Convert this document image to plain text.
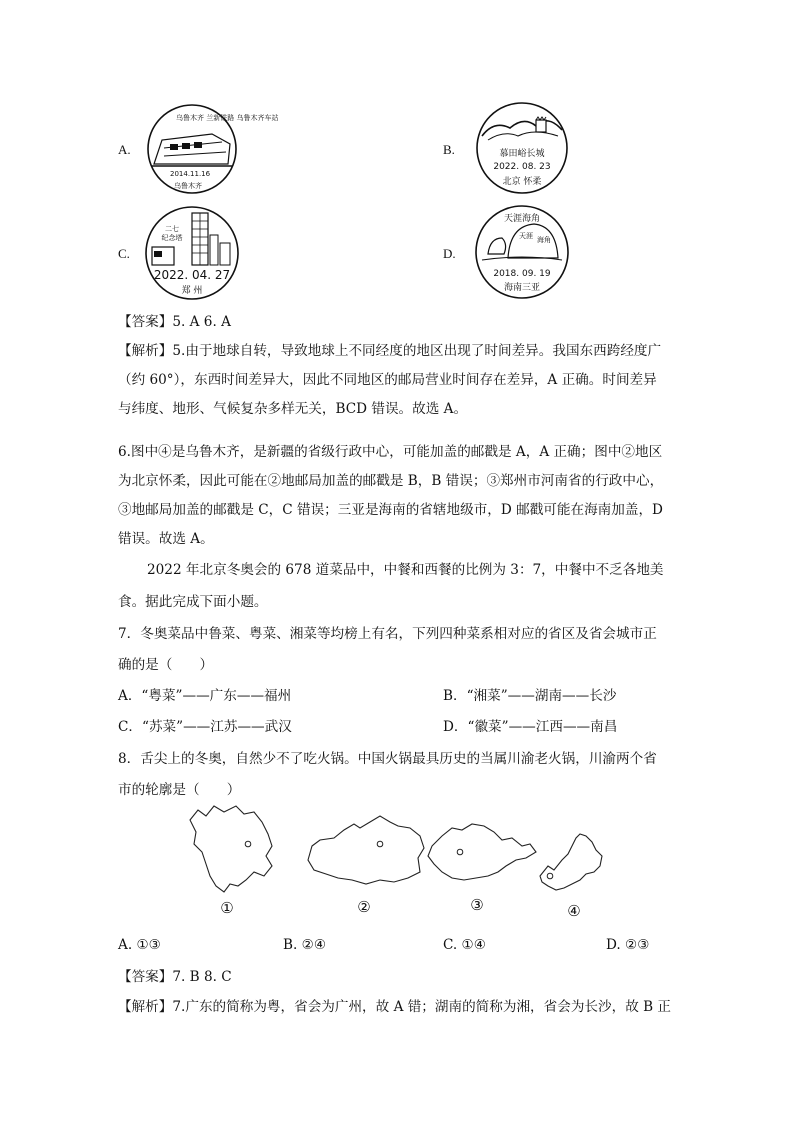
A.
乌鲁木齐 兰新铁路 乌鲁木齐车站
2014.11.16
乌鲁木齐
B.	慕田峪长城
2022. 08. 23
北京 怀柔
C.
二七
纪念塔
2022. 04. 27
郑 州
D.
天涯海角
天涯 海角
2018. 09. 19
海南三亚
【答案】5. A 6. A
【解析】5.由于地球自转，导致地球上不同经度的地区出现了时间差异。我国东西跨经度广
（约 60°），东西时间差异大，因此不同地区的邮局营业时间存在差异，A 正确。时间差异
与纬度、地形、气候复杂多样无关，BCD 错误。故选 A。
6.图中④是乌鲁木齐，是新疆的省级行政中心，可能加盖的邮戳是 A，A 正确；图中②地区
为北京怀柔，因此可能在②地邮局加盖的邮戳是 B，B 错误；③郑州市河南省的行政中心，
③地邮局加盖的邮戳是 C，C 错误；三亚是海南的省辖地级市，D 邮戳可能在海南加盖，D
错误。故选 A。
2022 年北京冬奥会的 678 道菜品中，中餐和西餐的比例为 3：7，中餐中不乏各地美
食。据此完成下面小题。
7．冬奥菜品中鲁菜、粤菜、湘菜等均榜上有名，下列四种菜系相对应的省区及省会城市正
确的是（　　）
A．“粤菜”——广东——福州	B．“湘菜”——湖南——长沙
C．“苏菜”——江苏——武汉	D．“徽菜”——江西——南昌
8．舌尖上的冬奥，自然少不了吃火锅。中国火锅最具历史的当属川渝老火锅，川渝两个省
市的轮廓是（　　）
①	②	③	④
A. ①③	B. ②④	C. ①④	D. ②③
【答案】7. B 8. C
【解析】7.广东的简称为粤，省会为广州，故 A 错；湖南的简称为湘，省会为长沙，故 B 正
